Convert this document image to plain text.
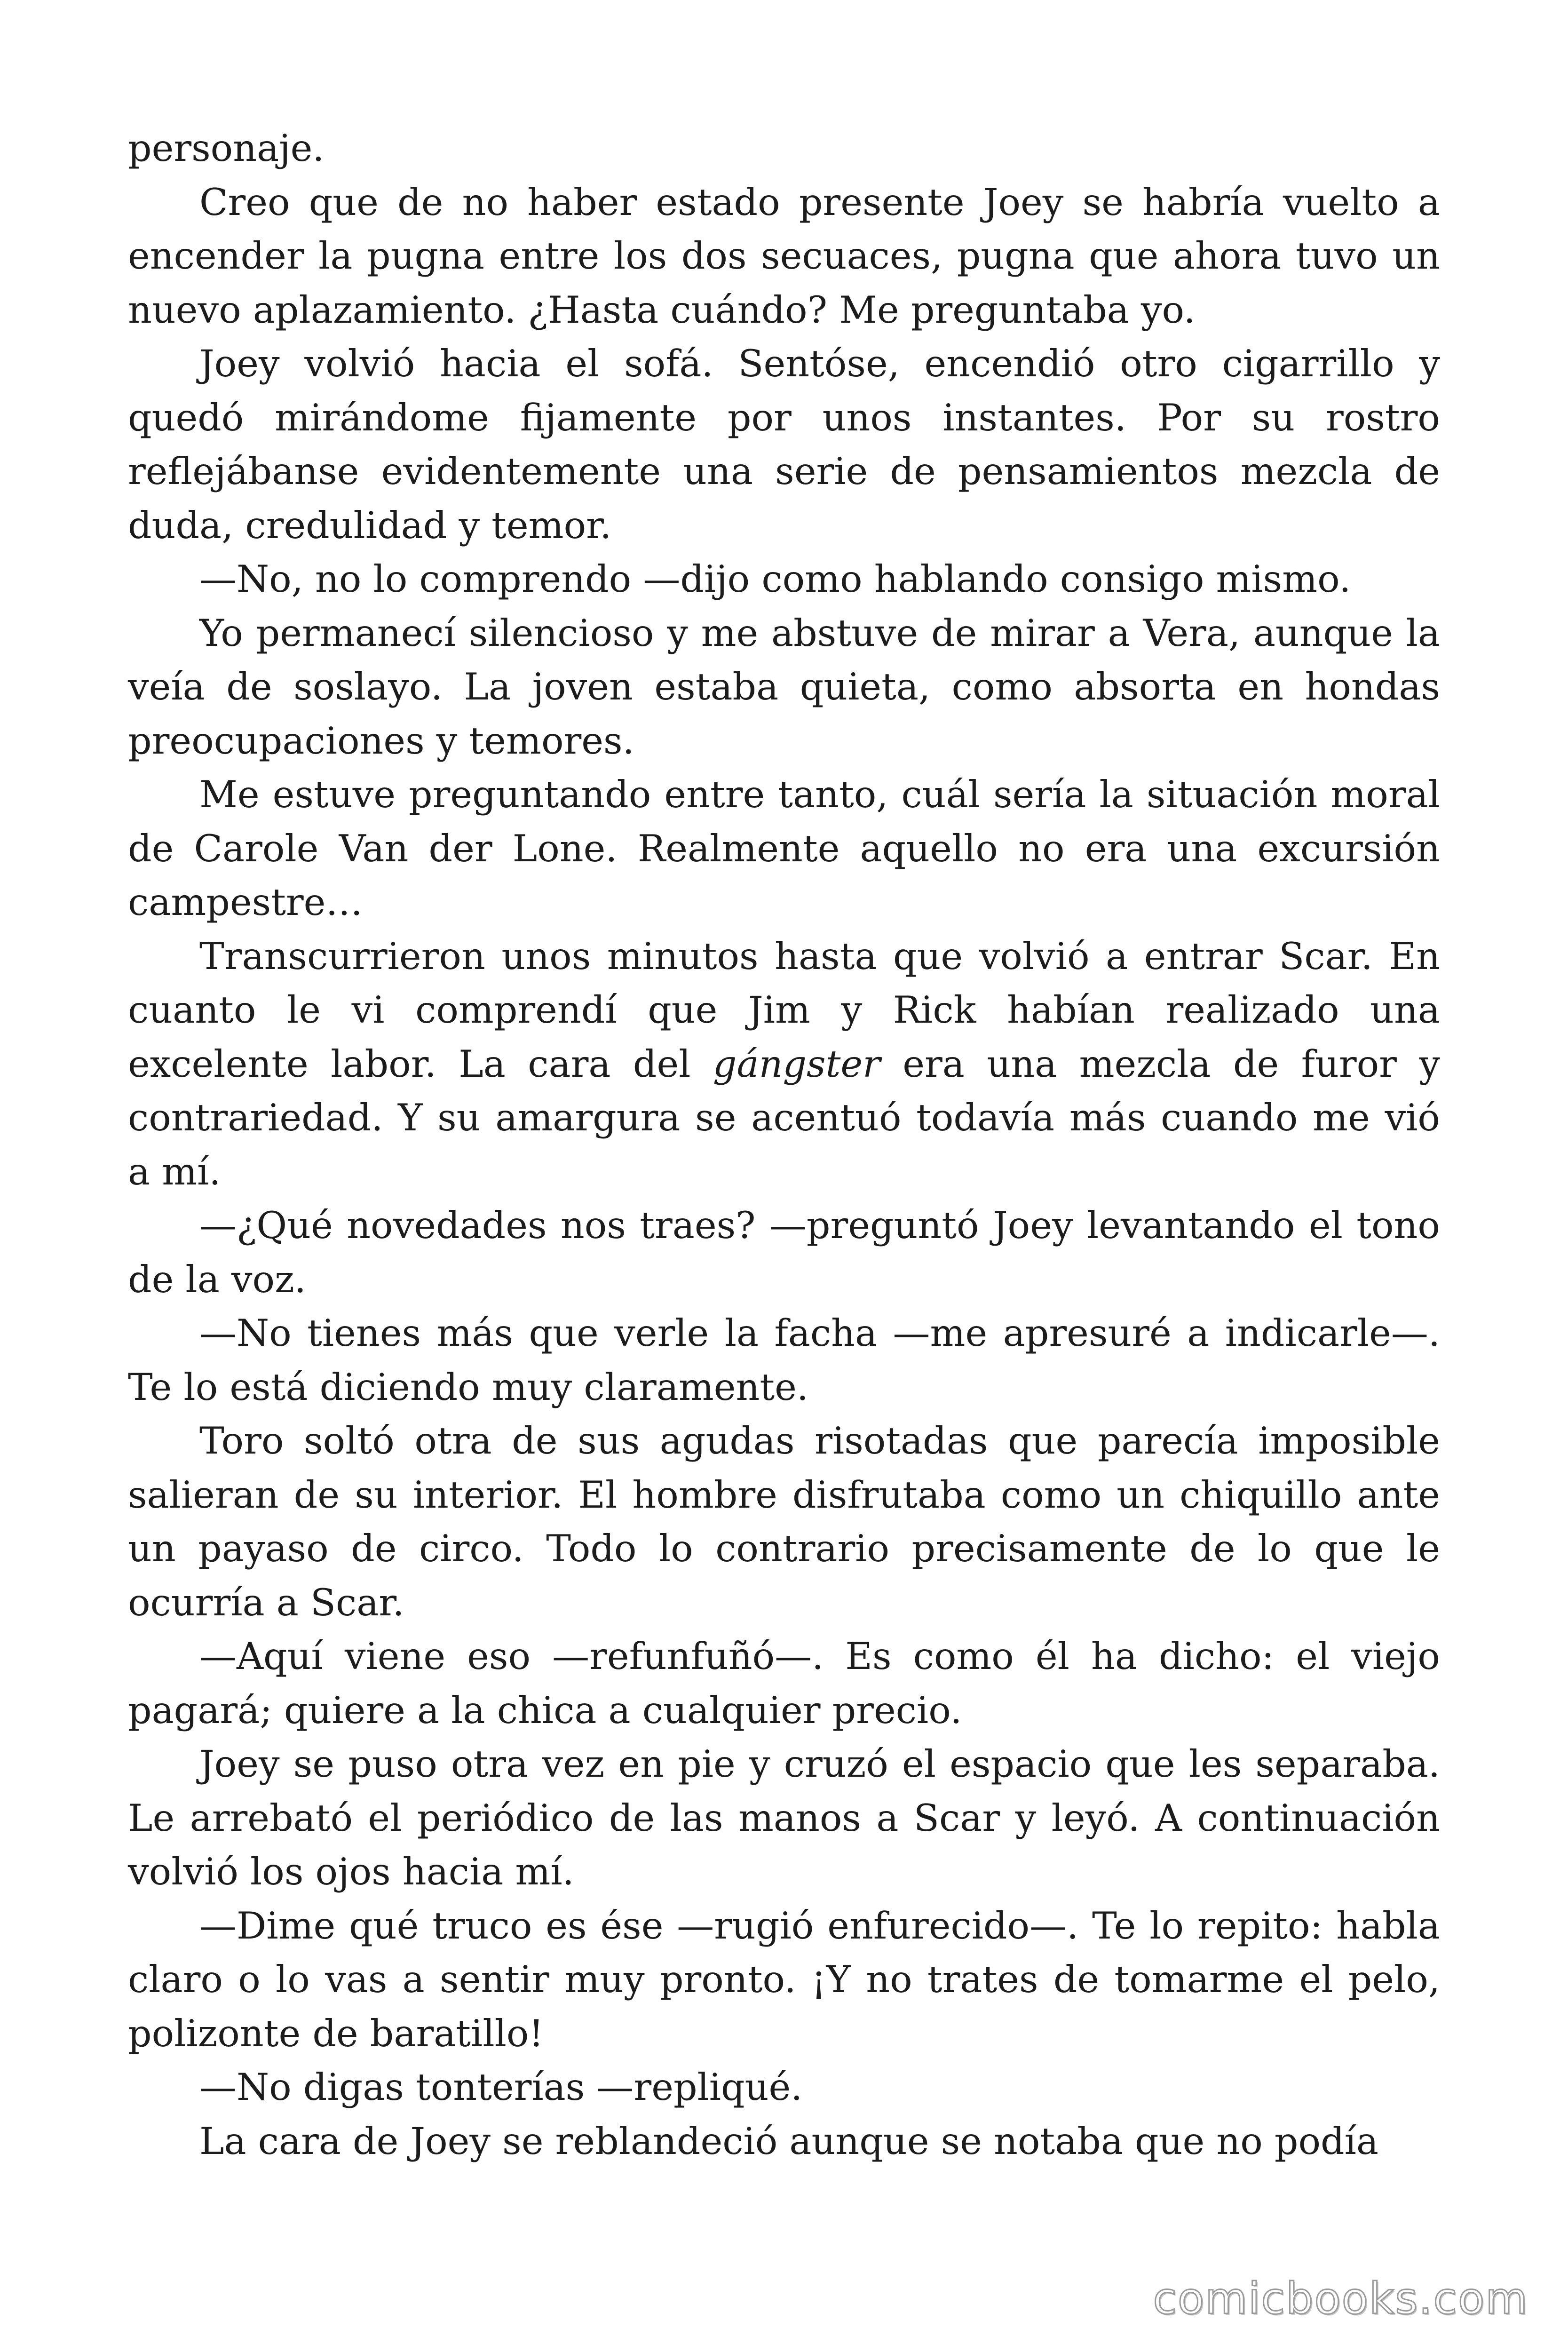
personaje.

Creo que de no haber estado presente Joey se habría vuelto a encender la pugna entre los dos secuaces, pugna que ahora tuvo un nuevo aplazamiento. ¿Hasta cuándo? Me preguntaba yo.

Joey volvió hacia el sofá. Sentóse, encendió otro cigarrillo y quedó mirándome fijamente por unos instantes. Por su rostro reflejábanse evidentemente una serie de pensamientos mezcla de duda, credulidad y temor.

—No, no lo comprendo —dijo como hablando consigo mismo.

Yo permanecí silencioso y me abstuve de mirar a Vera, aunque la veía de soslayo. La joven estaba quieta, como absorta en hondas preocupaciones y temores.

Me estuve preguntando entre tanto, cuál sería la situación moral de Carole Van der Lone. Realmente aquello no era una excursión campestre…

Transcurrieron unos minutos hasta que volvió a entrar Scar. En cuanto le vi comprendí que Jim y Rick habían realizado una excelente labor. La cara del gángster era una mezcla de furor y contrariedad. Y su amargura se acentuó todavía más cuando me vió a mí.

—¿Qué novedades nos traes? —preguntó Joey levantando el tono de la voz.

—No tienes más que verle la facha —me apresuré a indicarle—. Te lo está diciendo muy claramente.

Toro soltó otra de sus agudas risotadas que parecía imposible salieran de su interior. El hombre disfrutaba como un chiquillo ante un payaso de circo. Todo lo contrario precisamente de lo que le ocurría a Scar.

—Aquí viene eso —refunfuñó—. Es como él ha dicho: el viejo pagará; quiere a la chica a cualquier precio.

Joey se puso otra vez en pie y cruzó el espacio que les separaba. Le arrebató el periódico de las manos a Scar y leyó. A continuación volvió los ojos hacia mí.

—Dime qué truco es ése —rugió enfurecido—. Te lo repito: habla claro o lo vas a sentir muy pronto. ¡Y no trates de tomarme el pelo, polizonte de baratillo!

—No digas tonterías —repliqué.

La cara de Joey se reblandeció aunque se notaba que no podía

comicbooks.com
